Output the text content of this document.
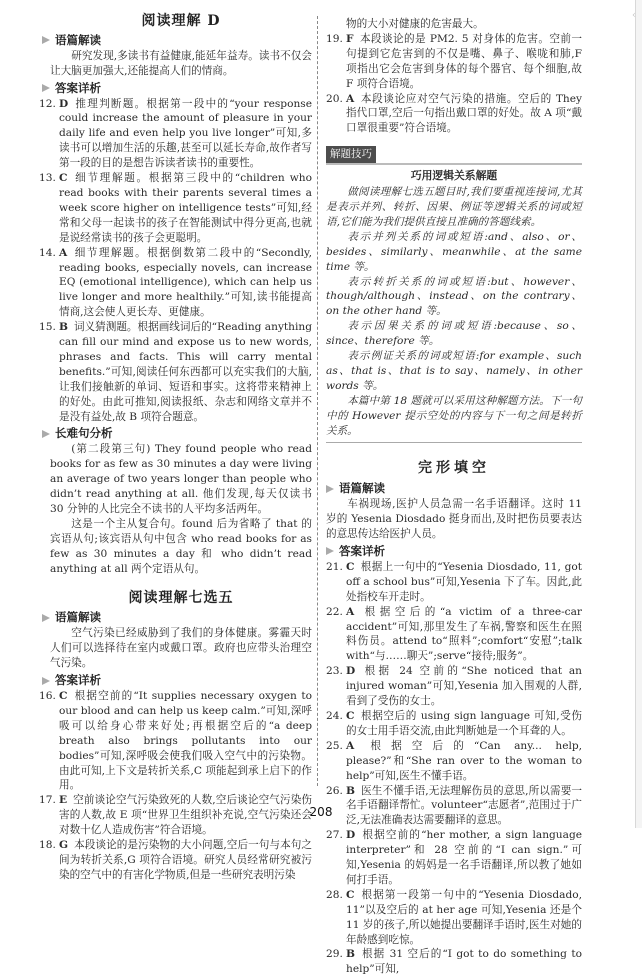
‹
阅读理解 D
语篇解读

研究发现,多读书有益健康,能延年益寿。读书不仅会让大脑更加强大,还能提高人们的情商。

答案详析
12. D 推理判断题。根据第一段中的“your response could increase the amount of pleasure in your daily life and even help you live longer”可知,多读书可以增加生活的乐趣,甚至可以延长寿命,故作者写第一段的目的是想告诉读者读书的重要性。
13. C 细节理解题。根据第三段中的“children who read books with their parents several times a week score higher on intelligence tests”可知,经常和父母一起读书的孩子在智能测试中得分更高,也就是说经常读书的孩子会更聪明。
14. A 细节理解题。根据倒数第二段中的“Secondly, reading books, especially novels, can increase EQ (emotional intelligence), which can help us live longer and more healthily.”可知,读书能提高情商,这会使人更长寿、更健康。
15. B 词义猜测题。根据画线词后的“Reading anything can fill our mind and expose us to new words, phrases and facts. This will carry mental benefits.”可知,阅读任何东西都可以充实我们的大脑,让我们接触新的单词、短语和事实。这将带来精神上的好处。由此可推知,阅读报纸、杂志和网络文章并不是没有益处,故 B 项符合题意。
长难句分析

(第二段第三句) They found people who read books for as few as 30 minutes a day were living an average of two years longer than people who didn’t read anything at all. 他们发现,每天仅读书 30 分钟的人比完全不读书的人平均多活两年。

这是一个主从复合句。found 后为省略了 that 的宾语从句;该宾语从句中包含 who read books for as few as 30 minutes a day 和 who didn’t read anything at all 两个定语从句。

阅读理解七选五
语篇解读

空气污染已经威胁到了我们的身体健康。雾霾天时人们可以选择待在室内或戴口罩。政府也应带头治理空气污染。

答案详析
16. C 根据空前的“It supplies necessary oxygen to our blood and can help us keep calm.”可知,深呼吸可以给身心带来好处;再根据空后的“a deep breath also brings pollutants into our bodies”可知,深呼吸会使我们吸入空气中的污染物。由此可知,上下文是转折关系,C 项能起到承上启下的作用。
17. E 空前谈论空气污染致死的人数,空后谈论空气污染伤害的人数,故 E 项“世界卫生组织补充说,空气污染还会对数十亿人造成伤害”符合语境。
18. G 本段谈论的是污染物的大小问题,空后一句与本句之间为转折关系,G 项符合语境。研究人员经常研究被污染的空气中的有害化学物质,但是一些研究表明污染

物的大小对健康的危害最大。

19. F 本段谈论的是 PM2. 5 对身体的危害。空前一句提到它危害到的不仅是嘴、鼻子、喉咙和肺,F 项指出它会危害到身体的每个器官、每个细胞,故 F 项符合语境。
20. A 本段谈论应对空气污染的措施。空后的 They 指代口罩,空后一句指出戴口罩的好处。故 A 项“戴口罩很重要”符合语境。
解题技巧
巧用逻辑关系解题

做阅读理解七选五题目时,我们要重视连接词,尤其是表示并列、转折、因果、例证等逻辑关系的词或短语,它们能为我们提供直接且准确的答题线索。

表示并列关系的词或短语:and、also、or、besides、similarly、meanwhile、at the same time 等。

表示转折关系的词或短语:but、however、though/although、instead、on the contrary、on the other hand 等。

表示因果关系的词或短语:because、so、since、therefore 等。

表示例证关系的词或短语:for example、such as、that is、that is to say、namely、in other words 等。

本篇中第 18 题就可以采用这种解题方法。下一句中的 However 提示空处的内容与下一句之间是转折关系。

完形填空
语篇解读

车祸现场,医护人员急需一名手语翻译。这时 11 岁的 Yesenia Diosdado 挺身而出,及时把伤员要表达的意思传达给医护人员。

答案详析
21. C 根据上一句中的“Yesenia Diosdado, 11, got off a school bus”可知,Yesenia 下了车。因此,此处指校车开走时。
22. A 根据空后的“a victim of a three-car accident”可知,那里发生了车祸,警察和医生在照料伤员。attend to“照料”;comfort“安慰”;talk with“与……聊天”;serve“接待;服务”。
23. D 根据 24 空前的“She noticed that an injured woman”可知,Yesenia 加入围观的人群,看到了受伤的女士。
24. C 根据空后的 using sign language 可知,受伤的女士用手语交流,由此判断她是一个耳聋的人。
25. A 根据空后的“Can any... help, please?”和“She ran over to the woman to help”可知,医生不懂手语。
26. B 医生不懂手语,无法理解伤员的意思,所以需要一名手语翻译帮忙。volunteer“志愿者”,范围过于广泛,无法准确表达需要翻译的意思。
27. D 根据空前的“her mother, a sign language interpreter”和 28 空前的“I can sign.”可知,Yesenia 的妈妈是一名手语翻译,所以教了她如何打手语。
28. C 根据第一段第一句中的“Yesenia Diosdado, 11”以及空后的 at her age 可知,Yesenia 还是个 11 岁的孩子,所以她提出要翻译手语时,医生对她的年龄感到吃惊。
29. B 根据 31 空后的“I got to do something to help”可知,
208
